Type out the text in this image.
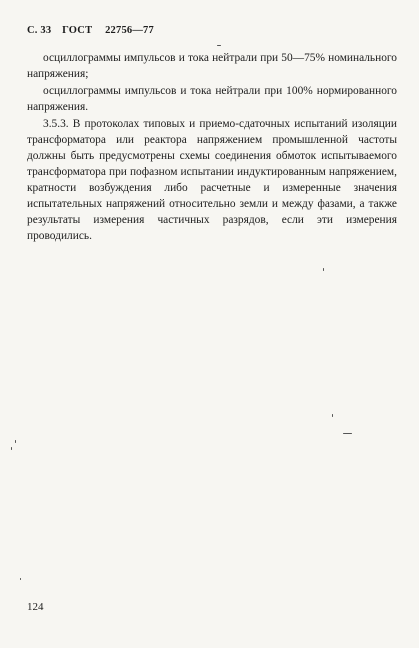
С. 33 ГОСТ 22756—77

осциллограммы импульсов и тока нейтрали при 50—75% номинального напряжения;

осциллограммы импульсов и тока нейтрали при 100% нормированного напряжения.

3.5.3. В протоколах типовых и приемо-сдаточных испытаний изоляции трансформатора или реактора напряжением промышленной частоты должны быть предусмотрены схемы соединения обмоток испытываемого трансформатора при пофазном испытании индуктированным напряжением, кратности возбуждения либо расчетные и измеренные значения испытательных напряжений относительно земли и между фазами, а также результаты измерения частичных разрядов, если эти измерения проводились.

124
